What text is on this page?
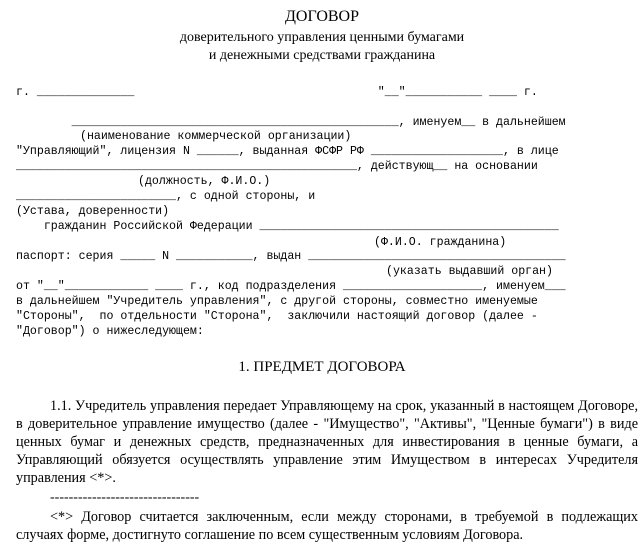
ДОГОВОР
доверительного управления ценными бумагами
и денежными средствами гражданина
г. ______________                                   "__"___________ ____ г.
_______________________________________________, именуем__ в дальнейшем
(наименование коммерческой организации)
"Управляющий", лицензия N ______, выданная ФСФР РФ ___________________, в лице
_________________________________________________, действующ__ на основании
(должность, Ф.И.О.)
_______________________, с одной стороны, и
(Устава, доверенности)
гражданин Российской Федерации ___________________________________________
(Ф.И.О. гражданина)
паспорт: серия _____ N ___________, выдан _____________________________________
(указать выдавший орган)
от "__"____________ ____ г., код подразделения ____________________, именуем___
в дальнейшем "Учредитель управления", с другой стороны, совместно именуемые
"Стороны",  по отдельности "Сторона",  заключили настоящий договор (далее -
"Договор") о нижеследующем:
1. ПРЕДМЕТ ДОГОВОРА
1.1. Учредитель управления передает Управляющему на срок, указанный в настоящем Договоре, в доверительное управление имущество (далее - "Имущество", "Активы", "Ценные бумаги") в виде ценных бумаг и денежных средств, предназначенных для инвестирования в ценные бумаги, а Управляющий обязуется осуществлять управление этим Имуществом в интересах Учредителя управления <*>.
--------------------------------
<*> Договор считается заключенным, если между сторонами, в требуемой в подлежащих случаях форме, достигнуто соглашение по всем существенным условиям Договора.
